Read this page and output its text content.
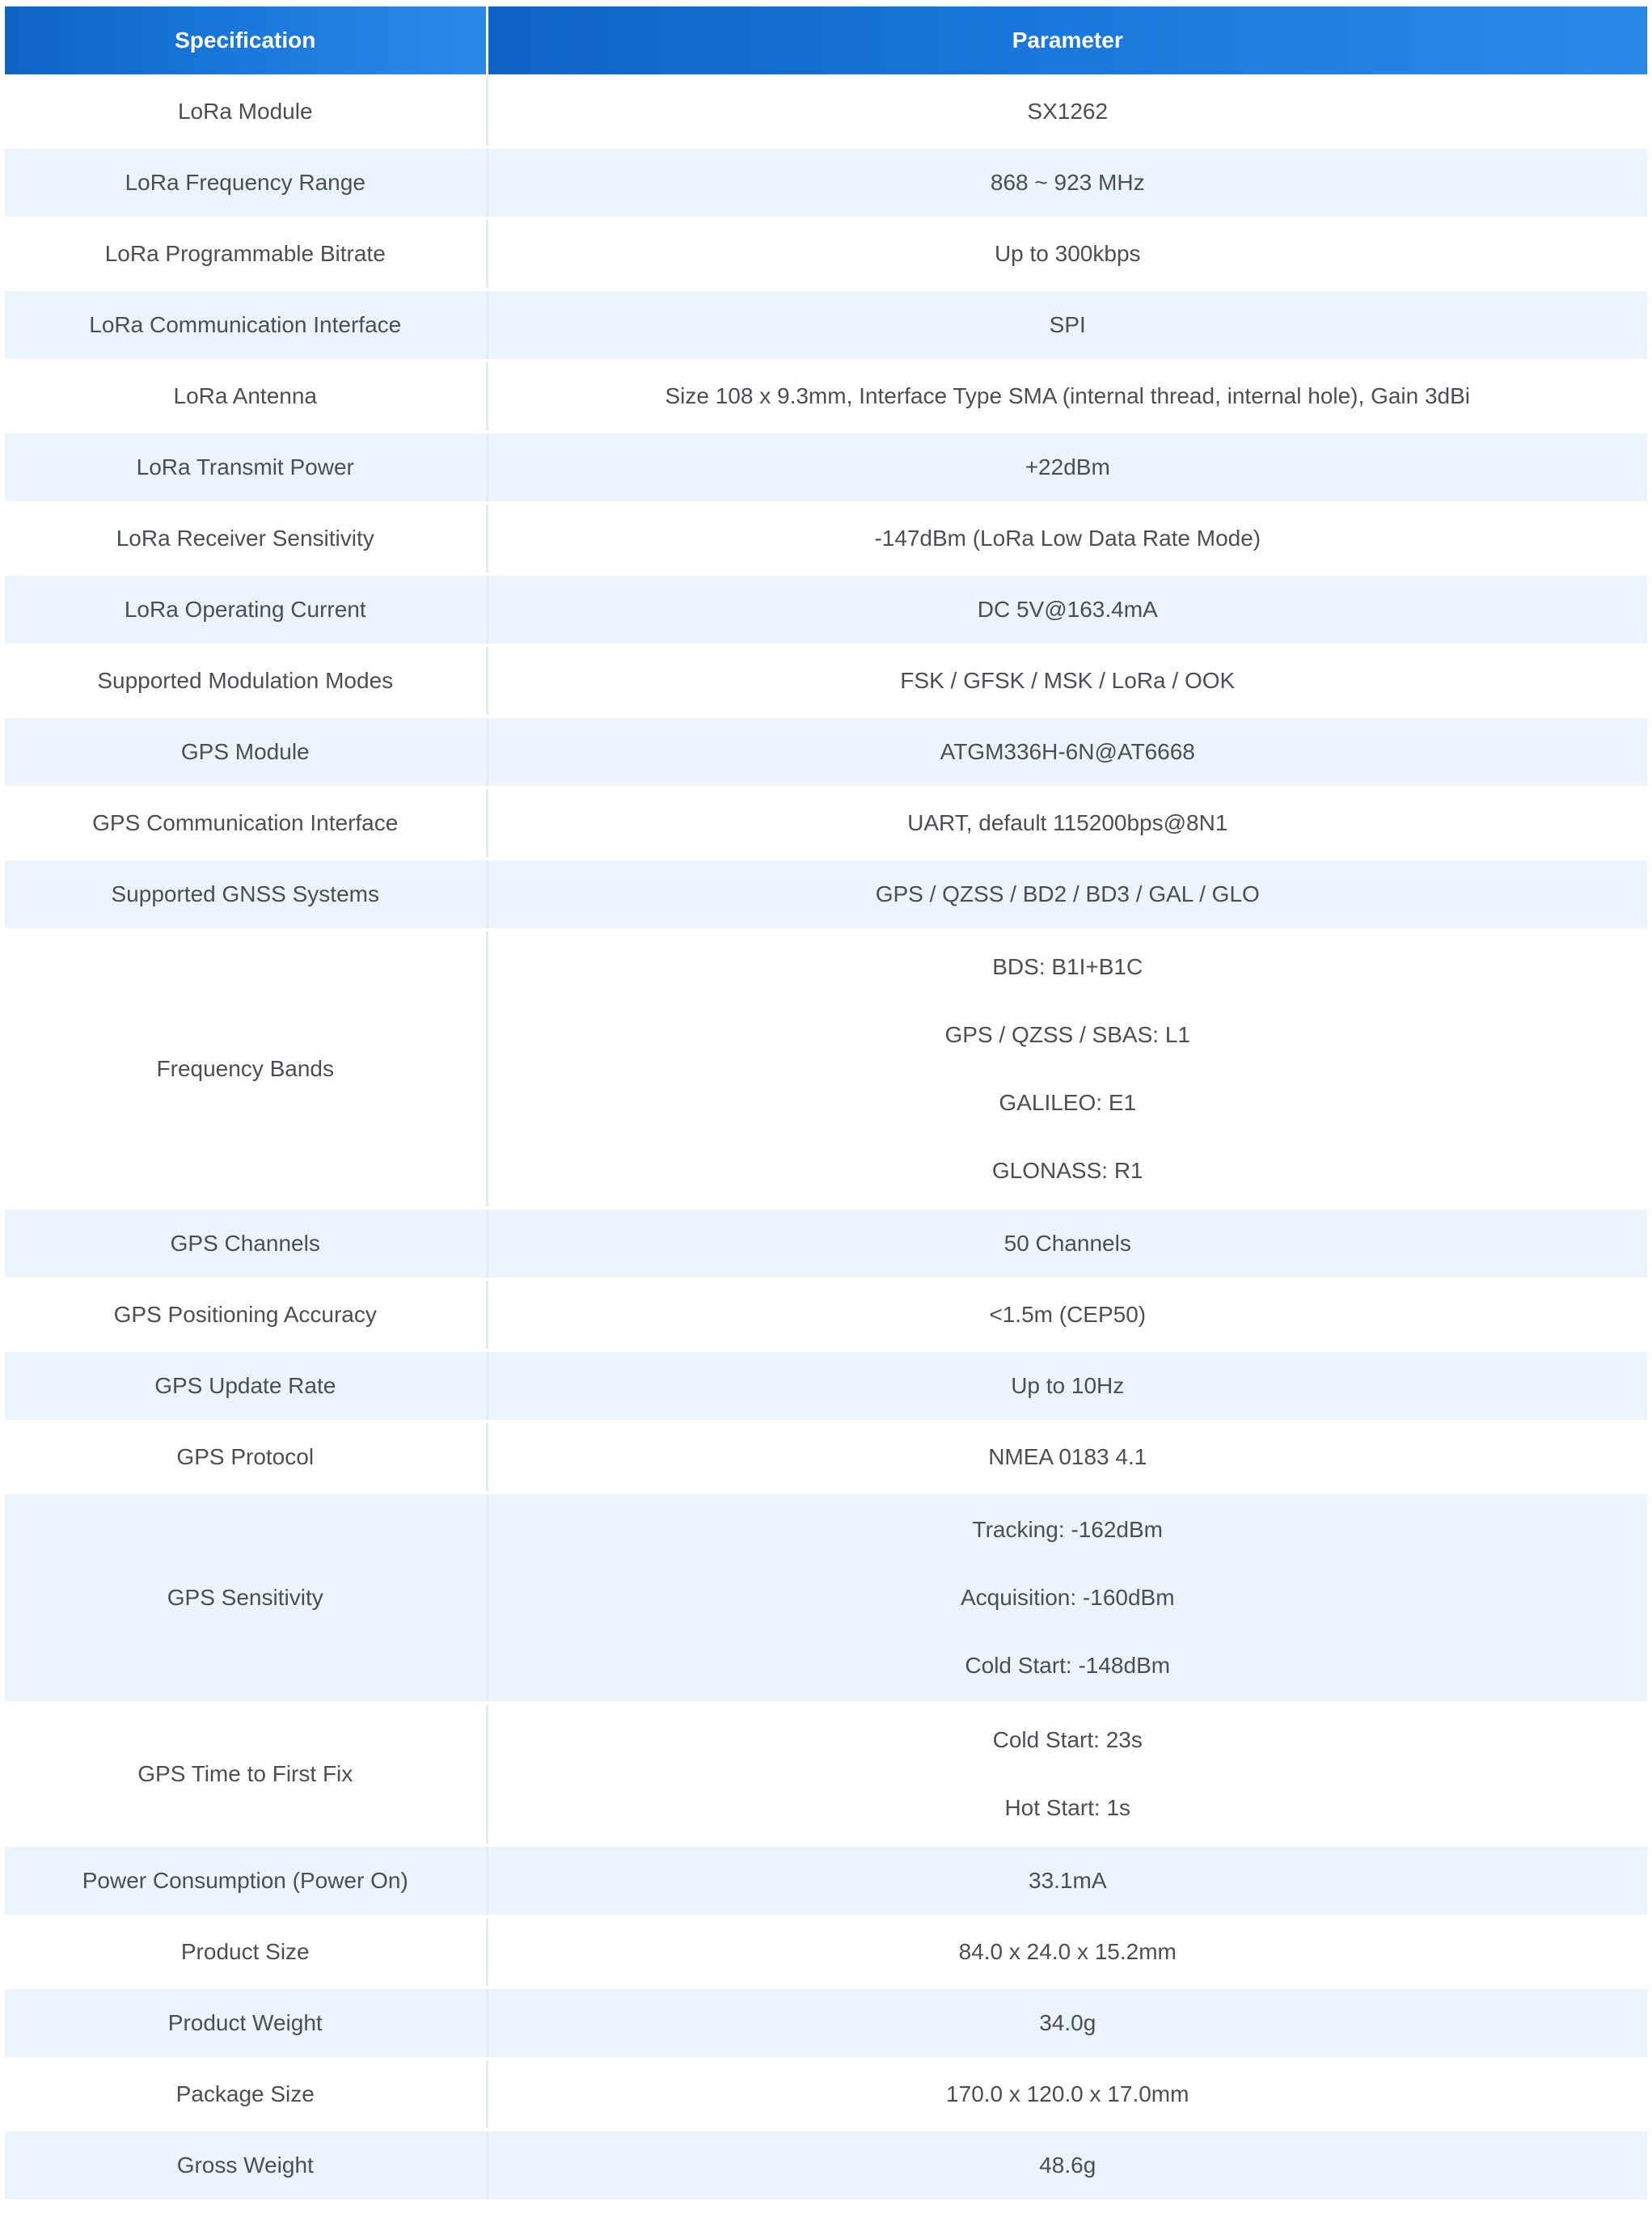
Specification	Parameter
LoRa Module	SX1262

LoRa Frequency Range	868 ~ 923 MHz

LoRa Programmable Bitrate	Up to 300kbps

LoRa Communication Interface	SPI

LoRa Antenna	Size 108 x 9.3mm, Interface Type SMA (internal thread, internal hole), Gain 3dBi

LoRa Transmit Power	+22dBm

LoRa Receiver Sensitivity	-147dBm (LoRa Low Data Rate Mode)

LoRa Operating Current	DC 5V@163.4mA

Supported Modulation Modes	FSK / GFSK / MSK / LoRa / OOK

GPS Module	ATGM336H-6N@AT6668

GPS Communication Interface	UART, default 115200bps@8N1

Supported GNSS Systems	GPS / QZSS / BD2 / BD3 / GAL / GLO

Frequency Bands	BDS: B1I+B1C
GPS / QZSS / SBAS: L1
GALILEO: E1
GLONASS: R1

GPS Channels	50 Channels

GPS Positioning Accuracy	<1.5m (CEP50)

GPS Update Rate	Up to 10Hz

GPS Protocol	NMEA 0183 4.1

GPS Sensitivity	Tracking: -162dBm
Acquisition: -160dBm
Cold Start: -148dBm

GPS Time to First Fix	Cold Start: 23s
Hot Start: 1s

Power Consumption (Power On)	33.1mA

Product Size	84.0 x 24.0 x 15.2mm

Product Weight	34.0g

Package Size	170.0 x 120.0 x 17.0mm

Gross Weight	48.6g
